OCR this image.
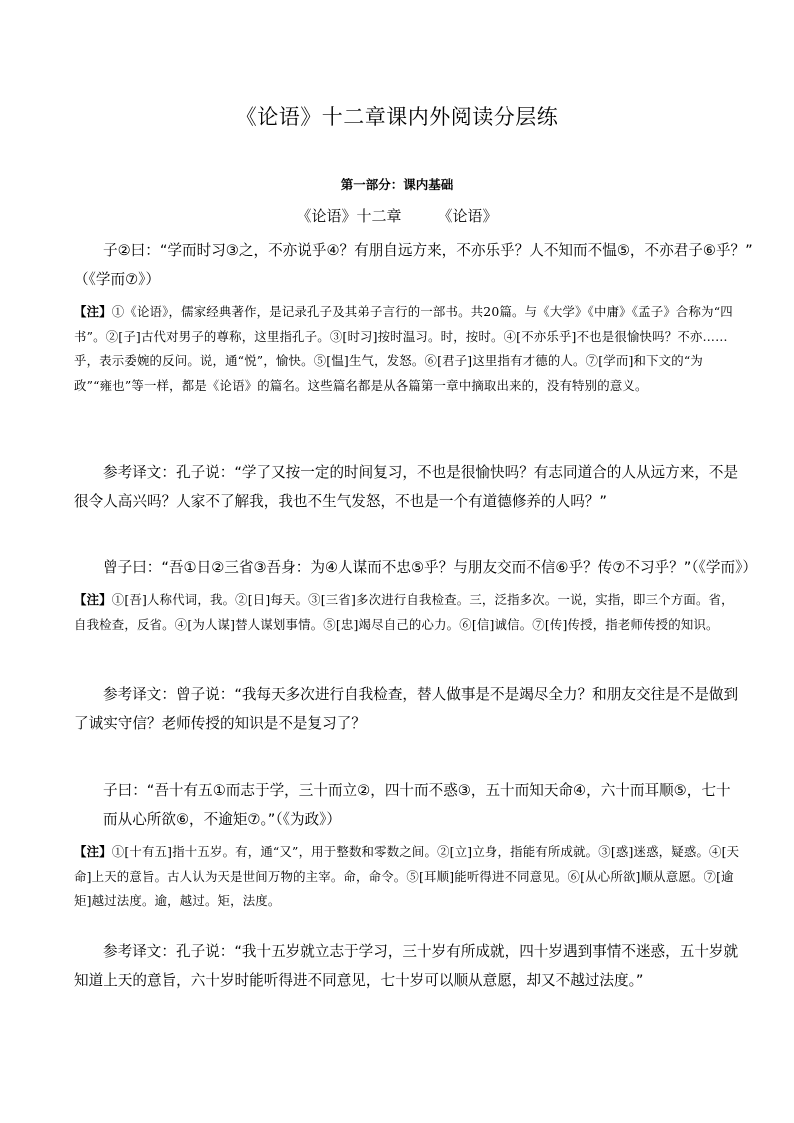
《论语》十二章课内外阅读分层练
第一部分：课内基础
《论语》十二章 《论语》
子②曰：“学而时习③之，不亦说乎④？有朋自远方来，不亦乐乎？人不知而不愠⑤，不亦君子⑥乎？”
（《学而⑦》）
【注】①《论语》，儒家经典著作，是记录孔子及其弟子言行的一部书。共20篇。与《大学》《中庸》《孟子》合称为“四书”。②[子]古代对男子的尊称，这里指孔子。③[时习]按时温习。时，按时。④[不亦乐乎]不也是很愉快吗？不亦……乎，表示委婉的反问。说，通“悦”，愉快。⑤[愠]生气，发怒。⑥[君子]这里指有才德的人。⑦[学而]和下文的“为政”“雍也”等一样，都是《论语》的篇名。这些篇名都是从各篇第一章中摘取出来的，没有特别的意义。
参考译文：孔子说：“学了又按一定的时间复习，不也是很愉快吗？有志同道合的人从远方来，不是很令人高兴吗？人家不了解我，我也不生气发怒，不也是一个有道德修养的人吗？”
曾子曰：“吾①日②三省③吾身：为④人谋而不忠⑤乎？与朋友交而不信⑥乎？传⑦不习乎？”（《学而》）
【注】①[吾]人称代词，我。②[日]每天。③[三省]多次进行自我检查。三，泛指多次。一说，实指，即三个方面。省，自我检查，反省。④[为人谋]替人谋划事情。⑤[忠]竭尽自己的心力。⑥[信]诚信。⑦[传]传授，指老师传授的知识。
参考译文：曾子说：“我每天多次进行自我检查，替人做事是不是竭尽全力？和朋友交往是不是做到了诚实守信？老师传授的知识是不是复习了？
子曰：“吾十有五①而志于学，三十而立②，四十而不惑③，五十而知天命④，六十而耳顺⑤，七十而从心所欲⑥，不逾矩⑦。”（《为政》）
【注】①[十有五]指十五岁。有，通“又”，用于整数和零数之间。②[立]立身，指能有所成就。③[惑]迷惑，疑惑。④[天命]上天的意旨。古人认为天是世间万物的主宰。命，命令。⑤[耳顺]能听得进不同意见。⑥[从心所欲]顺从意愿。⑦[逾矩]越过法度。逾，越过。矩，法度。
参考译文：孔子说：“我十五岁就立志于学习，三十岁有所成就，四十岁遇到事情不迷惑，五十岁就知道上天的意旨，六十岁时能听得进不同意见，七十岁可以顺从意愿，却又不越过法度。”
